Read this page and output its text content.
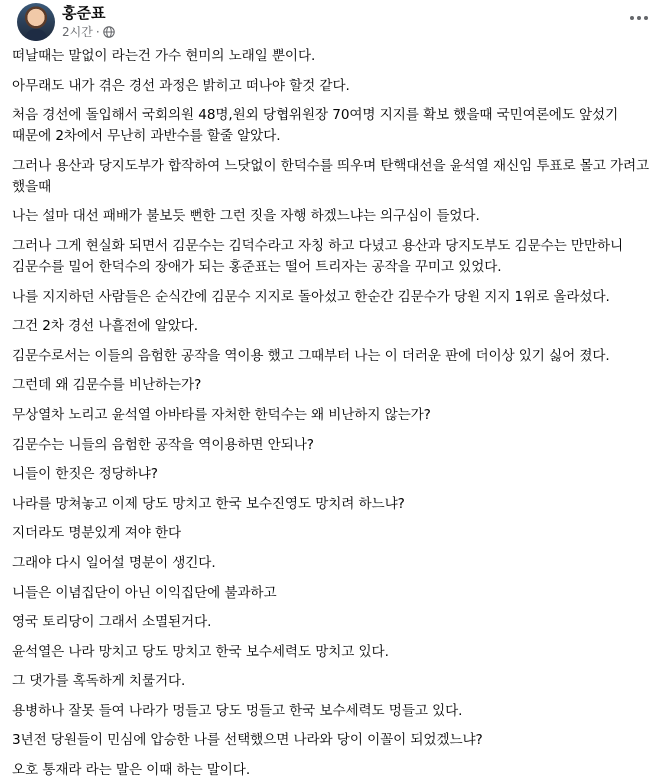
홍준표
2시간 ·

떠날때는 말없이 라는건 가수 현미의 노래일 뿐이다.

아무래도 내가 겪은 경선 과정은 밝히고 떠나야 할것 같다.

처음 경선에 돌입해서 국회의원 48명,원외 당협위원장 70여명 지지를 확보 했을때 국민여론에도 앞섰기 때문에 2차에서 무난히 과반수를 할줄 알았다.

그러나 용산과 당지도부가 합작하여 느닷없이 한덕수를 띄우며 탄핵대선을 윤석열 재신임 투표로 몰고 가려고 했을때

나는 설마 대선 패배가 불보듯 뻔한 그런 짓을 자행 하겠느냐는 의구심이 들었다.

그러나 그게 현실화 되면서 김문수는 김덕수라고 자칭 하고 다녔고 용산과 당지도부도 김문수는 만만하니 김문수를 밀어 한덕수의 장애가 되는 홍준표는 떨어 트리자는 공작을 꾸미고 있었다.

나를 지지하던 사람들은 순식간에 김문수 지지로 돌아섰고 한순간 김문수가 당원 지지 1위로 올라섰다.

그건 2차 경선 나흘전에 알았다.

김문수로서는 이들의 음험한 공작을 역이용 했고 그때부터 나는 이 더러운 판에 더이상 있기 싫어 졌다.

그런데 왜 김문수를 비난하는가?

무상열차 노리고 윤석열 아바타를 자처한 한덕수는 왜 비난하지 않는가?

김문수는 니들의 음험한 공작을 역이용하면 안되나?

니들이 한짓은 정당하냐?

나라를 망쳐놓고 이제 당도 망치고 한국 보수진영도 망치려 하느냐?

지더라도 명분있게 져야 한다

그래야 다시 일어설 명분이 생긴다.

니들은 이념집단이 아닌 이익집단에 불과하고

영국 토리당이 그래서 소멸된거다.

윤석열은 나라 망치고 당도 망치고 한국 보수세력도 망치고 있다.

그 댓가를 혹독하게 치룰거다.

용병하나 잘못 들여 나라가 멍들고 당도 멍들고 한국 보수세력도 멍들고 있다.

3년전 당원들이 민심에 압승한 나를 선택했으면 나라와 당이 이꼴이 되었겠느냐?

오호 통재라 라는 말은 이때 하는 말이다.
